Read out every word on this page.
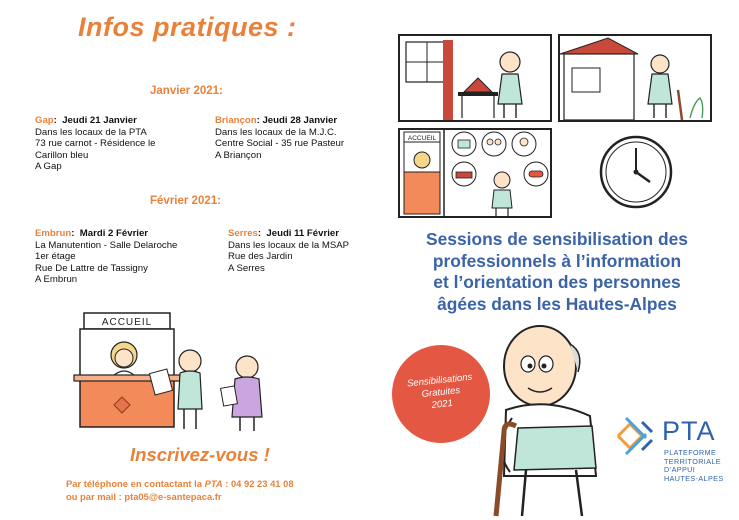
Infos pratiques :
Janvier 2021:
Gap:  Jeudi 21 Janvier
Dans les locaux de la PTA
73 rue carnot - Résidence le
Carillon bleu
A Gap
Briançon: Jeudi 28 Janvier
Dans les locaux de la M.J.C.
Centre Social - 35 rue Pasteur
A Briançon
Février 2021:
Embrun:  Mardi 2 Février
La Manutention - Salle Delaroche
1er étage
Rue De Lattre de Tassigny
A Embrun
Serres:  Jeudi 11 Février
Dans les locaux de la MSAP
Rue des Jardin
A Serres
ACCUEIL
Inscrivez-vous !
Par téléphone en contactant la PTA : 04 92 23 41 08
ou par mail : pta05@e-santepaca.fr
ACCUEIL
Sessions de sensibilisation des
professionnels à l’information
et l’orientation des personnes
âgées dans les Hautes-Alpes
Sensibilisations
Gratuites
2021
PTA
PLATEFORME
TERRITORIALE
D’APPUI
HAUTES-ALPES
